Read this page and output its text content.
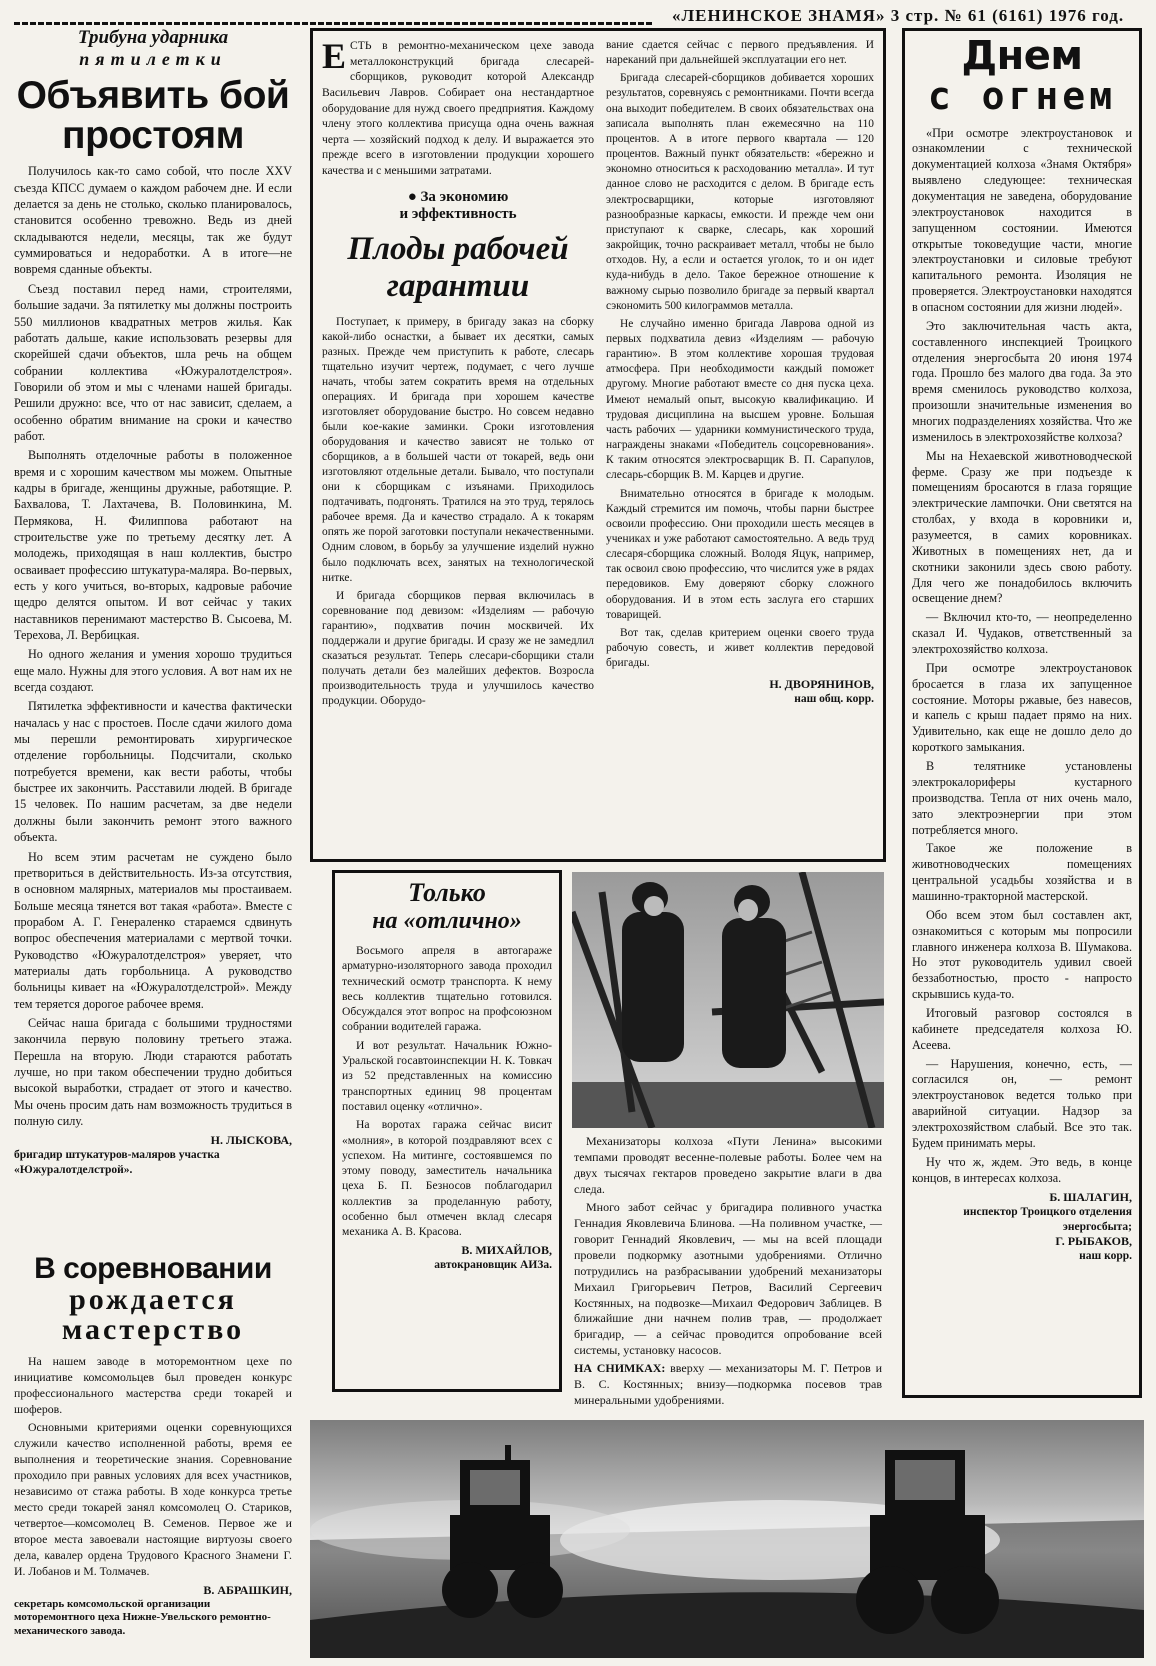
«ЛЕНИНСКОЕ ЗНАМЯ» 3 стр. № 61 (6161) 1976 год.
Трибуна ударника
пятилетки
Объявить бой простоям

Получилось как-то само собой, что после XXV съезда КПСС думаем о каждом рабочем дне. И если делается за день не столько, сколько планировалось, становится особенно тревожно. Ведь из дней складываются недели, месяцы, так же будут суммироваться и недоработки. А в итоге—не вовремя сданные объекты.

Съезд поставил перед нами, строителями, большие задачи. За пятилетку мы должны построить 550 миллионов квадратных метров жилья. Как работать дальше, какие использовать резервы для скорейшей сдачи объектов, шла речь на общем собрании коллектива «Южуралотделстроя». Говорили об этом и мы с членами нашей бригады. Решили дружно: все, что от нас зависит, сделаем, а особенно обратим внимание на сроки и качество работ.

Выполнять отделочные работы в положенное время и с хорошим качеством мы можем. Опытные кадры в бригаде, женщины дружные, работящие. Р. Бахвалова, Т. Лахтачева, В. Половинкина, М. Пермякова, Н. Филиппова работают на строительстве уже по третьему десятку лет. А молодежь, приходящая в наш коллектив, быстро осваивает профессию штукатура-маляра. Во-первых, есть у кого учиться, во-вторых, кадровые рабочие щедро делятся опытом. И вот сейчас у таких наставников перенимают мастерство В. Сысоева, М. Терехова, Л. Вербицкая.

Но одного желания и умения хорошо трудиться еще мало. Нужны для этого условия. А вот нам их не всегда создают.

Пятилетка эффективности и качества фактически началась у нас с простоев. После сдачи жилого дома мы перешли ремонтировать хирургическое отделение горбольницы. Подсчитали, сколько потребуется времени, как вести работы, чтобы быстрее их закончить. Расставили людей. В бригаде 15 человек. По нашим расчетам, за две недели должны были закончить ремонт этого важного объекта.

Но всем этим расчетам не суждено было претвориться в действительность. Из-за отсутствия, в основном малярных, материалов мы простаиваем. Больше месяца тянется вот такая «работа». Вместе с прорабом А. Г. Генераленко стараемся сдвинуть вопрос обеспечения материалами с мертвой точки. Руководство «Южуралотделстроя» уверяет, что материалы дать горбольница. А руководство больницы кивает на «Южуралотделстрой». Между тем теряется дорогое рабочее время.

Сейчас наша бригада с большими трудностями закончила первую половину третьего этажа. Перешла на вторую. Люди стараются работать лучше, но при таком обеспечении трудно добиться высокой выработки, страдает от этого и качество. Мы очень просим дать нам возможность трудиться в полную силу.

Н. ЛЫСКОВА,
бригадир штукатуров-маляров участка «Южуралотделстрой».
В соревновании
рождается
мастерство

На нашем заводе в моторемонтном цехе по инициативе комсомольцев был проведен конкурс профессионального мастерства среди токарей и шоферов.

Основными критериями оценки соревнующихся служили качество исполненной работы, время ее выполнения и теоретические знания. Соревнование проходило при равных условиях для всех участников, независимо от стажа работы. В ходе конкурса третье место среди токарей занял комсомолец О. Стариков, четвертое—комсомолец В. Семенов. Первое же и второе места завоевали настоящие виртуозы своего дела, кавалер ордена Трудового Красного Знамени Г. И. Лобанов и М. Толмачев.

В. АБРАШКИН,
секретарь комсомольской организации моторемонтного цеха Нижне-Увельского ремонтно-механического завода.
ЕСТЬ в ремонтно-механическом цехе завода металлоконструкций бригада слесарей-сборщиков, руководит которой Александр Васильевич Лавров. Собирает она нестандартное оборудование для нужд своего предприятия. Каждому члену этого коллектива присуща одна очень важная черта — хозяйский подход к делу. И выражается это прежде всего в изготовлении продукции хорошего качества и с меньшими затратами.
● За экономию
и эффективность
Плоды рабочей
гарантии

Поступает, к примеру, в бригаду заказ на сборку какой-либо оснастки, а бывает их десятки, самых разных. Прежде чем приступить к работе, слесарь тщательно изучит чертеж, подумает, с чего лучше начать, чтобы затем сократить время на отдельных операциях. И бригада при хорошем качестве изготовляет оборудование быстро. Но совсем недавно были кое-какие заминки. Сроки изготовления оборудования и качество зависят не только от сборщиков, а в большей части от токарей, ведь они изготовляют отдельные детали. Бывало, что поступали они к сборщикам с изъянами. Приходилось подтачивать, подгонять. Тратился на это труд, терялось рабочее время. Да и качество страдало. А к токарям опять же порой заготовки поступали некачественными. Одним словом, в борьбу за улучшение изделий нужно было подключать всех, занятых на технологической нитке.

И бригада сборщиков первая включилась в соревнование под девизом: «Изделиям — рабочую гарантию», подхватив почин москвичей. Их поддержали и другие бригады. И сразу же не замедлил сказаться результат. Теперь слесари-сборщики стали получать детали без малейших дефектов. Возросла производительность труда и улучшилось качество продукции. Оборудо-

вание сдается сейчас с первого предъявления. И нареканий при дальнейшей эксплуатации его нет.

Бригада слесарей-сборщиков добивается хороших результатов, соревнуясь с ремонтниками. Почти всегда она выходит победителем. В своих обязательствах она записала выполнять план ежемесячно на 110 процентов. А в итоге первого квартала — 120 процентов. Важный пункт обязательств: «бережно и экономно относиться к расходованию металла». И тут данное слово не расходится с делом. В бригаде есть электросварщики, которые изготовляют разнообразные каркасы, емкости. И прежде чем они приступают к сварке, слесарь, как хороший закройщик, точно раскраивает металл, чтобы не было отходов. Ну, а если и остается уголок, то и он идет куда-нибудь в дело. Такое бережное отношение к важному сырью позволило бригаде за первый квартал сэкономить 500 килограммов металла.

Не случайно именно бригада Лаврова одной из первых подхватила девиз «Изделиям — рабочую гарантию». В этом коллективе хорошая трудовая атмосфера. При необходимости каждый поможет другому. Многие работают вместе со дня пуска цеха. Имеют немалый опыт, высокую квалификацию. И трудовая дисциплина на высшем уровне. Большая часть рабочих — ударники коммунистического труда, награждены знаками «Победитель соцсоревнования». К таким относятся электросварщик В. П. Сарапулов, слесарь-сборщик В. М. Карцев и другие.

Внимательно относятся в бригаде к молодым. Каждый стремится им помочь, чтобы парни быстрее освоили профессию. Они проходили шесть месяцев в учениках и уже работают самостоятельно. А ведь труд слесаря-сборщика сложный. Володя Яцук, например, так освоил свою профессию, что числится уже в рядах передовиков. Ему доверяют сборку сложного оборудования. И в этом есть заслуга его старших товарищей.

Вот так, сделав критерием оценки своего труда рабочую совесть, и живет коллектив передовой бригады.

Н. ДВОРЯНИНОВ,
наш общ. корр.
Только
на «отлично»

Восьмого апреля в автогараже арматурно-изоляторного завода проходил технический осмотр транспорта. К нему весь коллектив тщательно готовился. Обсуждался этот вопрос на профсоюзном собрании водителей гаража.

И вот результат. Начальник Южно-Уральской госавтоинспекции Н. К. Товкач из 52 представленных на комиссию транспортных единиц 98 процентам поставил оценку «отлично».

На воротах гаража сейчас висит «молния», в которой поздравляют всех с успехом. На митинге, состоявшемся по этому поводу, заместитель начальника цеха Б. П. Безносов поблагодарил коллектив за проделанную работу, особенно был отмечен вклад слесаря механика А. В. Красова.

В. МИХАЙЛОВ,
автокрановщик АИЗа.

Механизаторы колхоза «Пути Ленина» высокими темпами проводят весенне-полевые работы. Более чем на двух тысячах гектаров проведено закрытие влаги в два следа.

Много забот сейчас у бригадира поливного участка Геннадия Яковлевича Блинова. —На поливном участке, — говорит Геннадий Яковлевич, — мы на всей площади провели подкормку азотными удобрениями. Отлично потрудились на разбрасывании удобрений механизаторы Михаил Григорьевич Петров, Василий Сергеевич Костянных, на подвозке—Михаил Федорович Заблицев. В ближайшие дни начнем полив трав, — продолжает бригадир, — а сейчас проводится опробование всей системы, установку насосов.

НА СНИМКАХ: вверху — механизаторы М. Г. Петров и В. С. Костянных; внизу—подкормка посевов трав минеральными удобрениями.

Днем
с огнем

«При осмотре электроустановок и ознакомлении с технической документацией колхоза «Знамя Октября» выявлено следующее: техническая документация не заведена, оборудование электроустановок находится в запущенном состоянии. Имеются открытые токоведущие части, многие электроустановки и силовые требуют капитального ремонта. Изоляция не проверяется. Электроустановки находятся в опасном состоянии для жизни людей».

Это заключительная часть акта, составленного инспекцией Троицкого отделения энергосбыта 20 июня 1974 года. Прошло без малого два года. За это время сменилось руководство колхоза, произошли значительные изменения во многих подразделениях хозяйства. Что же изменилось в электрохозяйстве колхоза?

Мы на Нехаевской животноводческой ферме. Сразу же при подъезде к помещениям бросаются в глаза горящие электрические лампочки. Они светятся на столбах, у входа в коровники и, разумеется, в самих коровниках. Животных в помещениях нет, да и скотники законили здесь свою работу. Для чего же понадобилось включить освещение днем?

— Включил кто-то, — неопределенно сказал И. Чудаков, ответственный за электрохозяйство колхоза.

При осмотре электроустановок бросается в глаза их запущенное состояние. Моторы ржавые, без навесов, и капель с крыш падает прямо на них. Удивительно, как еще не дошло дело до короткого замыкания.

В телятнике установлены электрокалориферы кустарного производства. Тепла от них очень мало, зато электроэнергии при этом потребляется много.

Такое же положение в животноводческих помещениях центральной усадьбы хозяйства и в машинно-тракторной мастерской.

Обо всем этом был составлен акт, ознакомиться с которым мы попросили главного инженера колхоза В. Шумакова. Но этот руководитель удивил своей беззаботностью, просто - напросто скрывшись куда-то.

Итоговый разговор состоялся в кабинете председателя колхоза Ю. Асеева.

— Нарушения, конечно, есть, — согласился он, — ремонт электроустановок ведется только при аварийной ситуации. Надзор за электрохозяйством слабый. Все это так. Будем принимать меры.

Ну что ж, ждем. Это ведь, в конце концов, в интересах колхоза.

Б. ШАЛАГИН,
инспектор Троицкого отделения энергосбыта;
Г. РЫБАКОВ,
наш корр.
